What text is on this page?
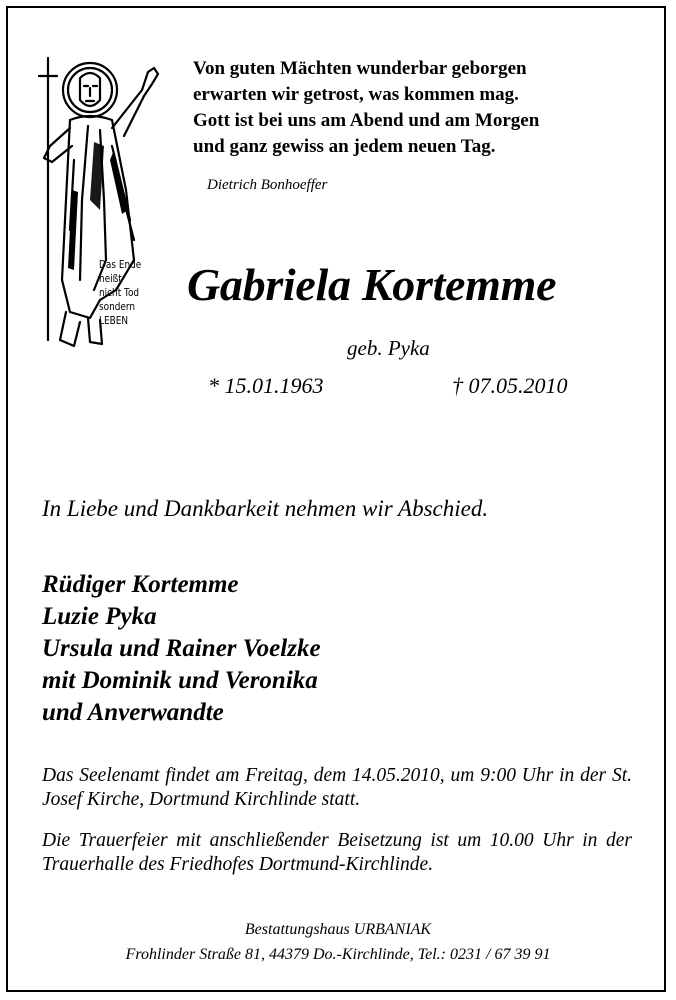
Das Ende
heißt
nicht Tod
sondern
LEBEN
Von guten Mächten wunderbar geborgen
erwarten wir getrost, was kommen mag.
Gott ist bei uns am Abend und am Morgen
und ganz gewiss an jedem neuen Tag.
Dietrich Bonhoeffer
Gabriela Kortemme
geb. Pyka
* 15.01.1963	† 07.05.2010
In Liebe und Dankbarkeit nehmen wir Abschied.
Rüdiger Kortemme
Luzie Pyka
Ursula und Rainer Voelzke
mit Dominik und Veronika
und Anverwandte
Das Seelenamt findet am Freitag, dem 14.05.2010, um 9:00 Uhr in der St. Josef Kirche, Dortmund Kirchlinde statt.
Die Trauerfeier mit anschließender Beisetzung ist um 10.00 Uhr in der Trauerhalle des Friedhofes Dortmund-Kirchlinde.
Bestattungshaus URBANIAK
Frohlinder Straße 81, 44379 Do.-Kirchlinde, Tel.: 0231 / 67 39 91
